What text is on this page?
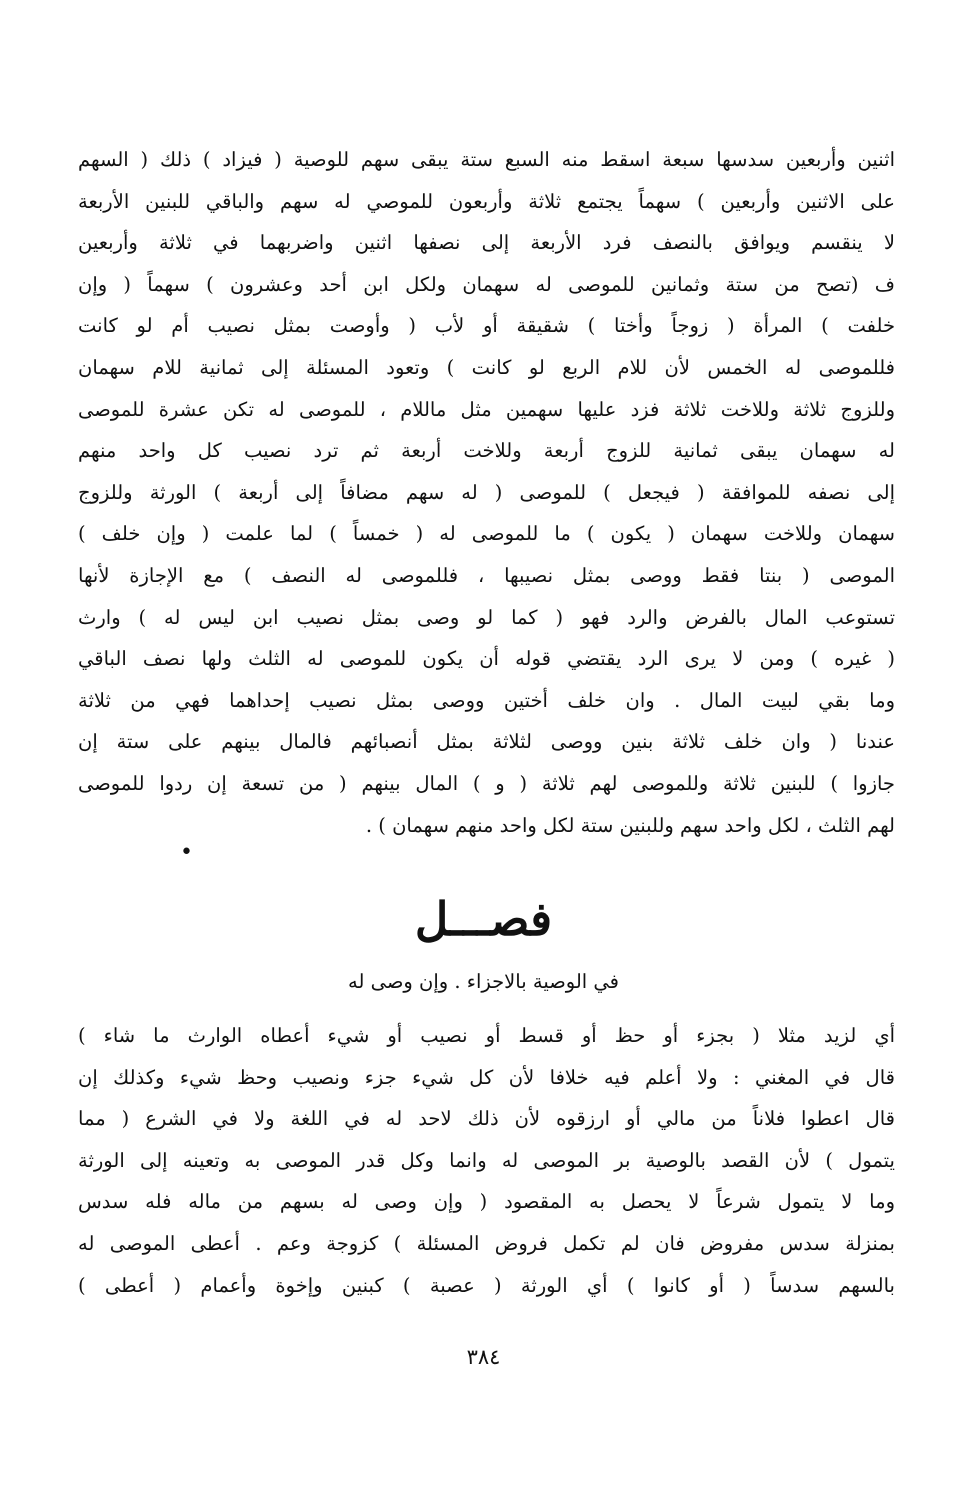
اثنين وأربعين سدسها سبعة اسقط منه السبع ستة يبقى سهم للوصية ( فيزاد ) ذلك ( السهم
على الاثنين وأربعين ) سهماً يجتمع ثلاثة وأربعون للموصي له سهم والباقي للبنين الأربعة
لا ينقسم ويوافق بالنصف فرد الأربعة إلى نصفها اثنين واضربهما في ثلاثة وأربعين
ف (تصح من ستة وثمانين للموصى له سهمان ولكل ابن أحد وعشرون ) سهماً ( وإن
خلفت ) المرأة ( زوجاً وأختا ) شقيقة أو لأب ( وأوصت بمثل نصيب أم لو كانت
فللموصى له الخمس لأن للام الربع لو كانت ) وتعود المسئلة إلى ثمانية للام سهمان
وللزوج ثلاثة وللاخت ثلاثة فزد عليها سهمين مثل ماللام ، للموصى له تكن عشرة للموصى
له سهمان يبقى ثمانية للزوج أربعة وللاخت أربعة ثم ترد نصيب كل واحد منهم
إلى نصفه للموافقة ( فيجعل ) للموصى ( له سهم مضافاً إلى أربعة ) الورثة وللزوج
سهمان وللاخت سهمان ( يكون ) ما للموصى له ( خمساً ) لما علمت ( وإن خلف )
الموصى ( بنتا فقط ووصى بمثل نصيبها ، فللموصى له النصف ) مع الإجازة لأنها
تستوعب المال بالفرض والرد فهو ( كما لو وصى بمثل نصيب ابن ليس له ) وارث
( غيره ) ومن لا يرى الرد يقتضي قوله أن يكون للموصى له الثلث ولها نصف الباقي
وما بقي لبيت المال . وان خلف أختين ووصى بمثل نصيب إحداهما فهي من ثلاثة
عندنا ( وان خلف ثلاثة بنين ووصى لثلاثة بمثل أنصبائهم فالمال بينهم على ستة إن
جازوا ) للبنين ثلاثة وللموصى لهم ثلاثة ( و ) المال بينهم ( من تسعة إن ردوا للموصى
لهم الثلث ، لكل واحد سهم وللبنين ستة لكل واحد منهم سهمان ) .
•
فصـــل
في الوصية بالاجزاء . وإن وصى له
أي لزيد مثلا ( بجزء أو حظ أو قسط أو نصيب أو شيء أعطاه الوارث ما شاء )
قال في المغني : ولا أعلم فيه خلافا لأن كل شيء جزء ونصيب وحظ شيء وكذلك إن
قال اعطوا فلاناً من مالي أو ارزقوه لأن ذلك لاحد له في اللغة ولا في الشرع ( مما
يتمول ) لأن القصد بالوصية بر الموصى له وانما وكل قدر الموصى به وتعينه إلى الورثة
وما لا يتمول شرعاً لا يحصل به المقصود ( وإن وصى له بسهم من ماله فله سدس
بمنزلة سدس مفروض فان لم تكمل فروض المسئلة ) كزوجة وعم . أعطى الموصى له
بالسهم سدساً ( أو كانوا ) أي الورثة ( عصبة ) كبنين وإخوة وأعمام ( أعطى )
٣٨٤
